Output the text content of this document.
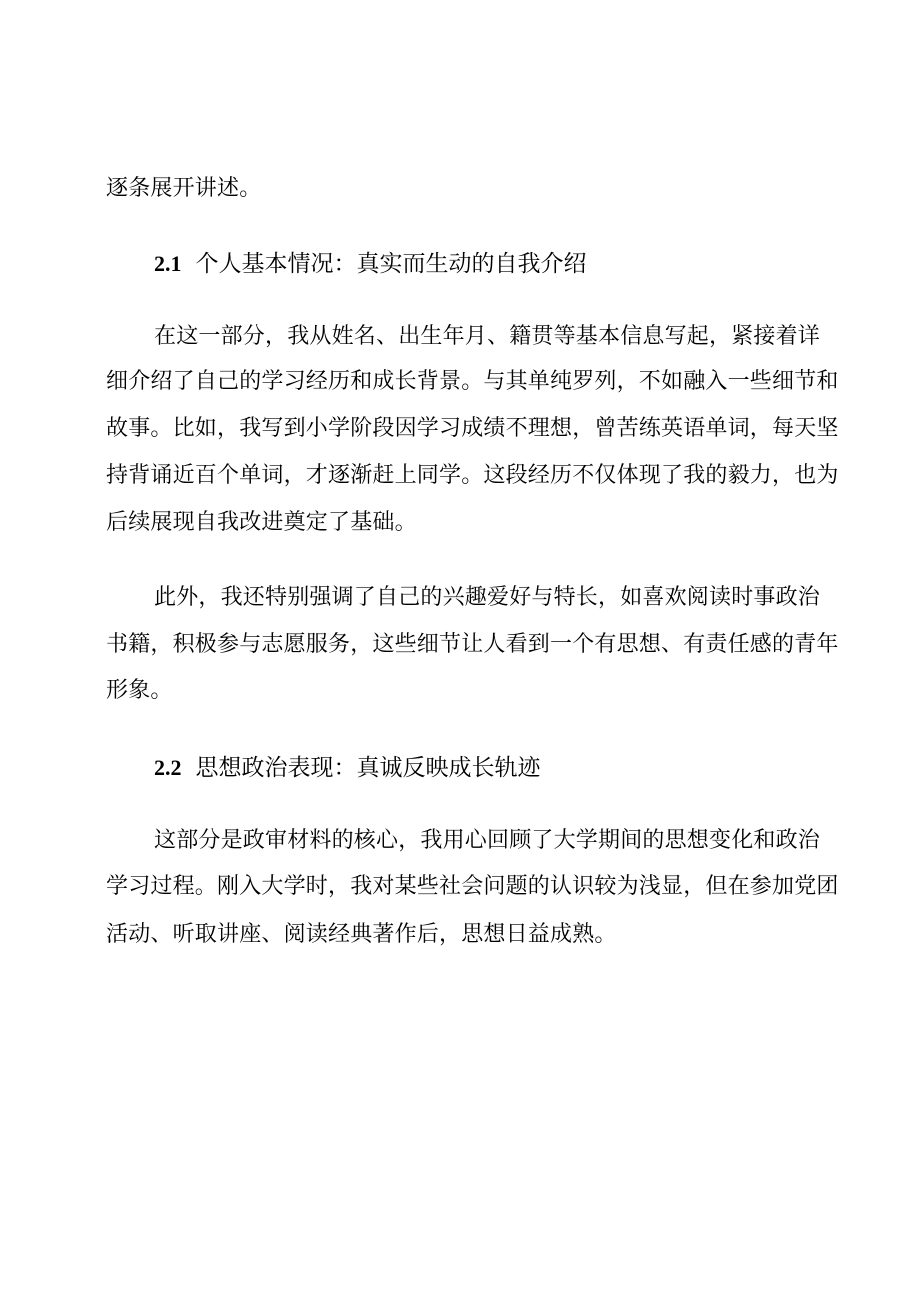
逐条展开讲述。
2.1 个人基本情况：真实而生动的自我介绍
在这一部分，我从姓名、出生年月、籍贯等基本信息写起，紧接着详
细介绍了自己的学习经历和成长背景。与其单纯罗列，不如融入一些细节和
故事。比如，我写到小学阶段因学习成绩不理想，曾苦练英语单词，每天坚
持背诵近百个单词，才逐渐赶上同学。这段经历不仅体现了我的毅力，也为
后续展现自我改进奠定了基础。
此外，我还特别强调了自己的兴趣爱好与特长，如喜欢阅读时事政治
书籍，积极参与志愿服务，这些细节让人看到一个有思想、有责任感的青年
形象。
2.2 思想政治表现：真诚反映成长轨迹
这部分是政审材料的核心，我用心回顾了大学期间的思想变化和政治
学习过程。刚入大学时，我对某些社会问题的认识较为浅显，但在参加党团
活动、听取讲座、阅读经典著作后，思想日益成熟。
